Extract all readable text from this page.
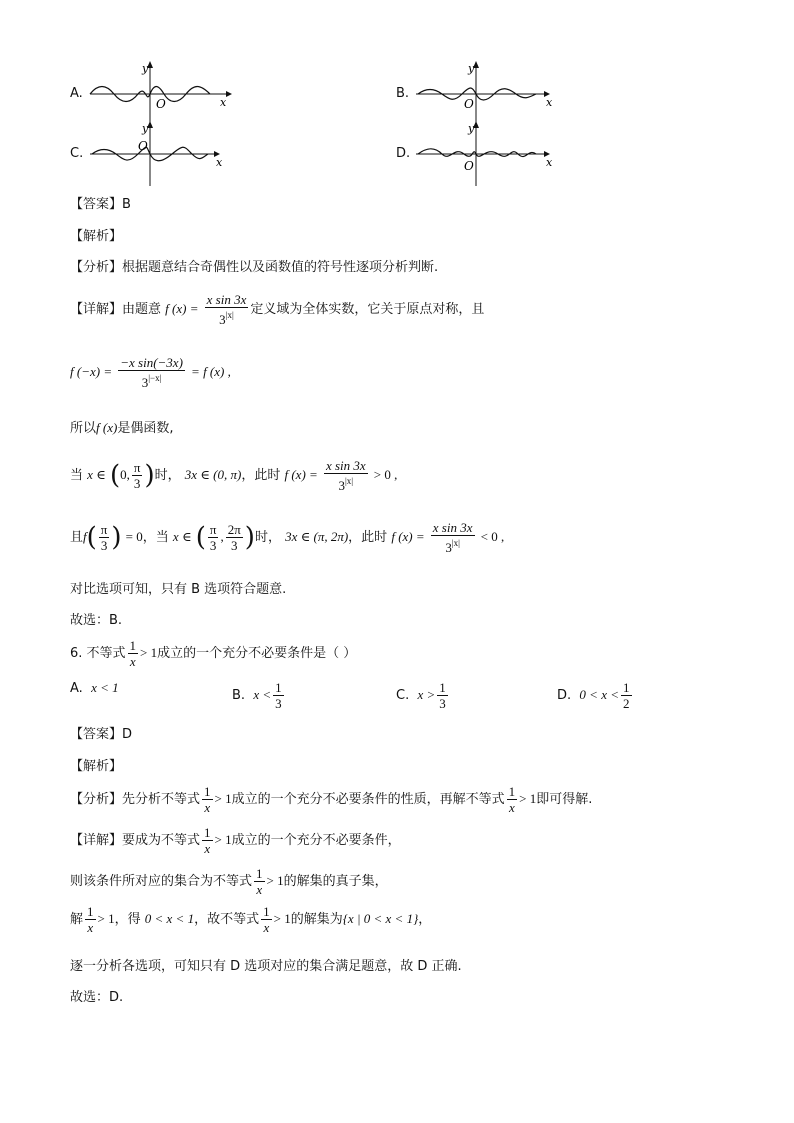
A.
y
O	x
B.
y
O	x
C.
y
O
x
D.
y
O	x
【答案】B
【解析】
【分析】根据题意结合奇偶性以及函数值的符号性逐项分析判断.
【详解】由题意 f $(x) = \frac{\text{x sin 3x}}{3^{|x|}}$ 定义域为全体实数，它关于原点对称，且
f $(-x) = \frac{\text{−x sin(−3x)}}{3^{|-x|}} = f$ (x) ,
所以f (x)是偶函数,
当 x ∈ (0, $\frac{\pi}{3}$ )时， 3x ∈ (0, π)，此时 f $(x) = \frac{\text{x sin 3x}}{3^{|x|}} > 0$ ,
且$f( \frac{\pi}{3}$ ) = 0，当 x ∈ ( $\frac{\pi}{3}$ , $\frac{2\pi}{3}$ )时， 3x ∈ (π, 2π)，此时 f $(x) = \frac{\text{x sin 3x}}{3^{|x|}} < 0$ ,
对比选项可知，只有 B 选项符合题意.
故选：B.
6. 不等式 $\frac{1}{x} > 1$成立的一个充分不必要条件是（ ）
A. x < 1
B. $x < \frac{1}{3}$	C. $x > \frac{1}{3}$	D. $0 < x < \frac{1}{2}$
【答案】D
【解析】
【分析】先分析不等式 $\frac{1}{x} > 1$成立的一个充分不必要条件的性质，再解不等式 $\frac{1}{x} > 1$即可得解.
【详解】要成为不等式 $\frac{1}{x} > 1$成立的一个充分不必要条件，
则该条件所对应的集合为不等式 $\frac{1}{x} > 1$的解集的真子集，
解 $\frac{1}{x} > 1$，得 0 < x < 1，故不等式 $\frac{1}{x} > 1$的解集为{x | 0 < x < 1}，
逐一分析各选项，可知只有 D 选项对应的集合满足题意，故 D 正确.
故选：D.
